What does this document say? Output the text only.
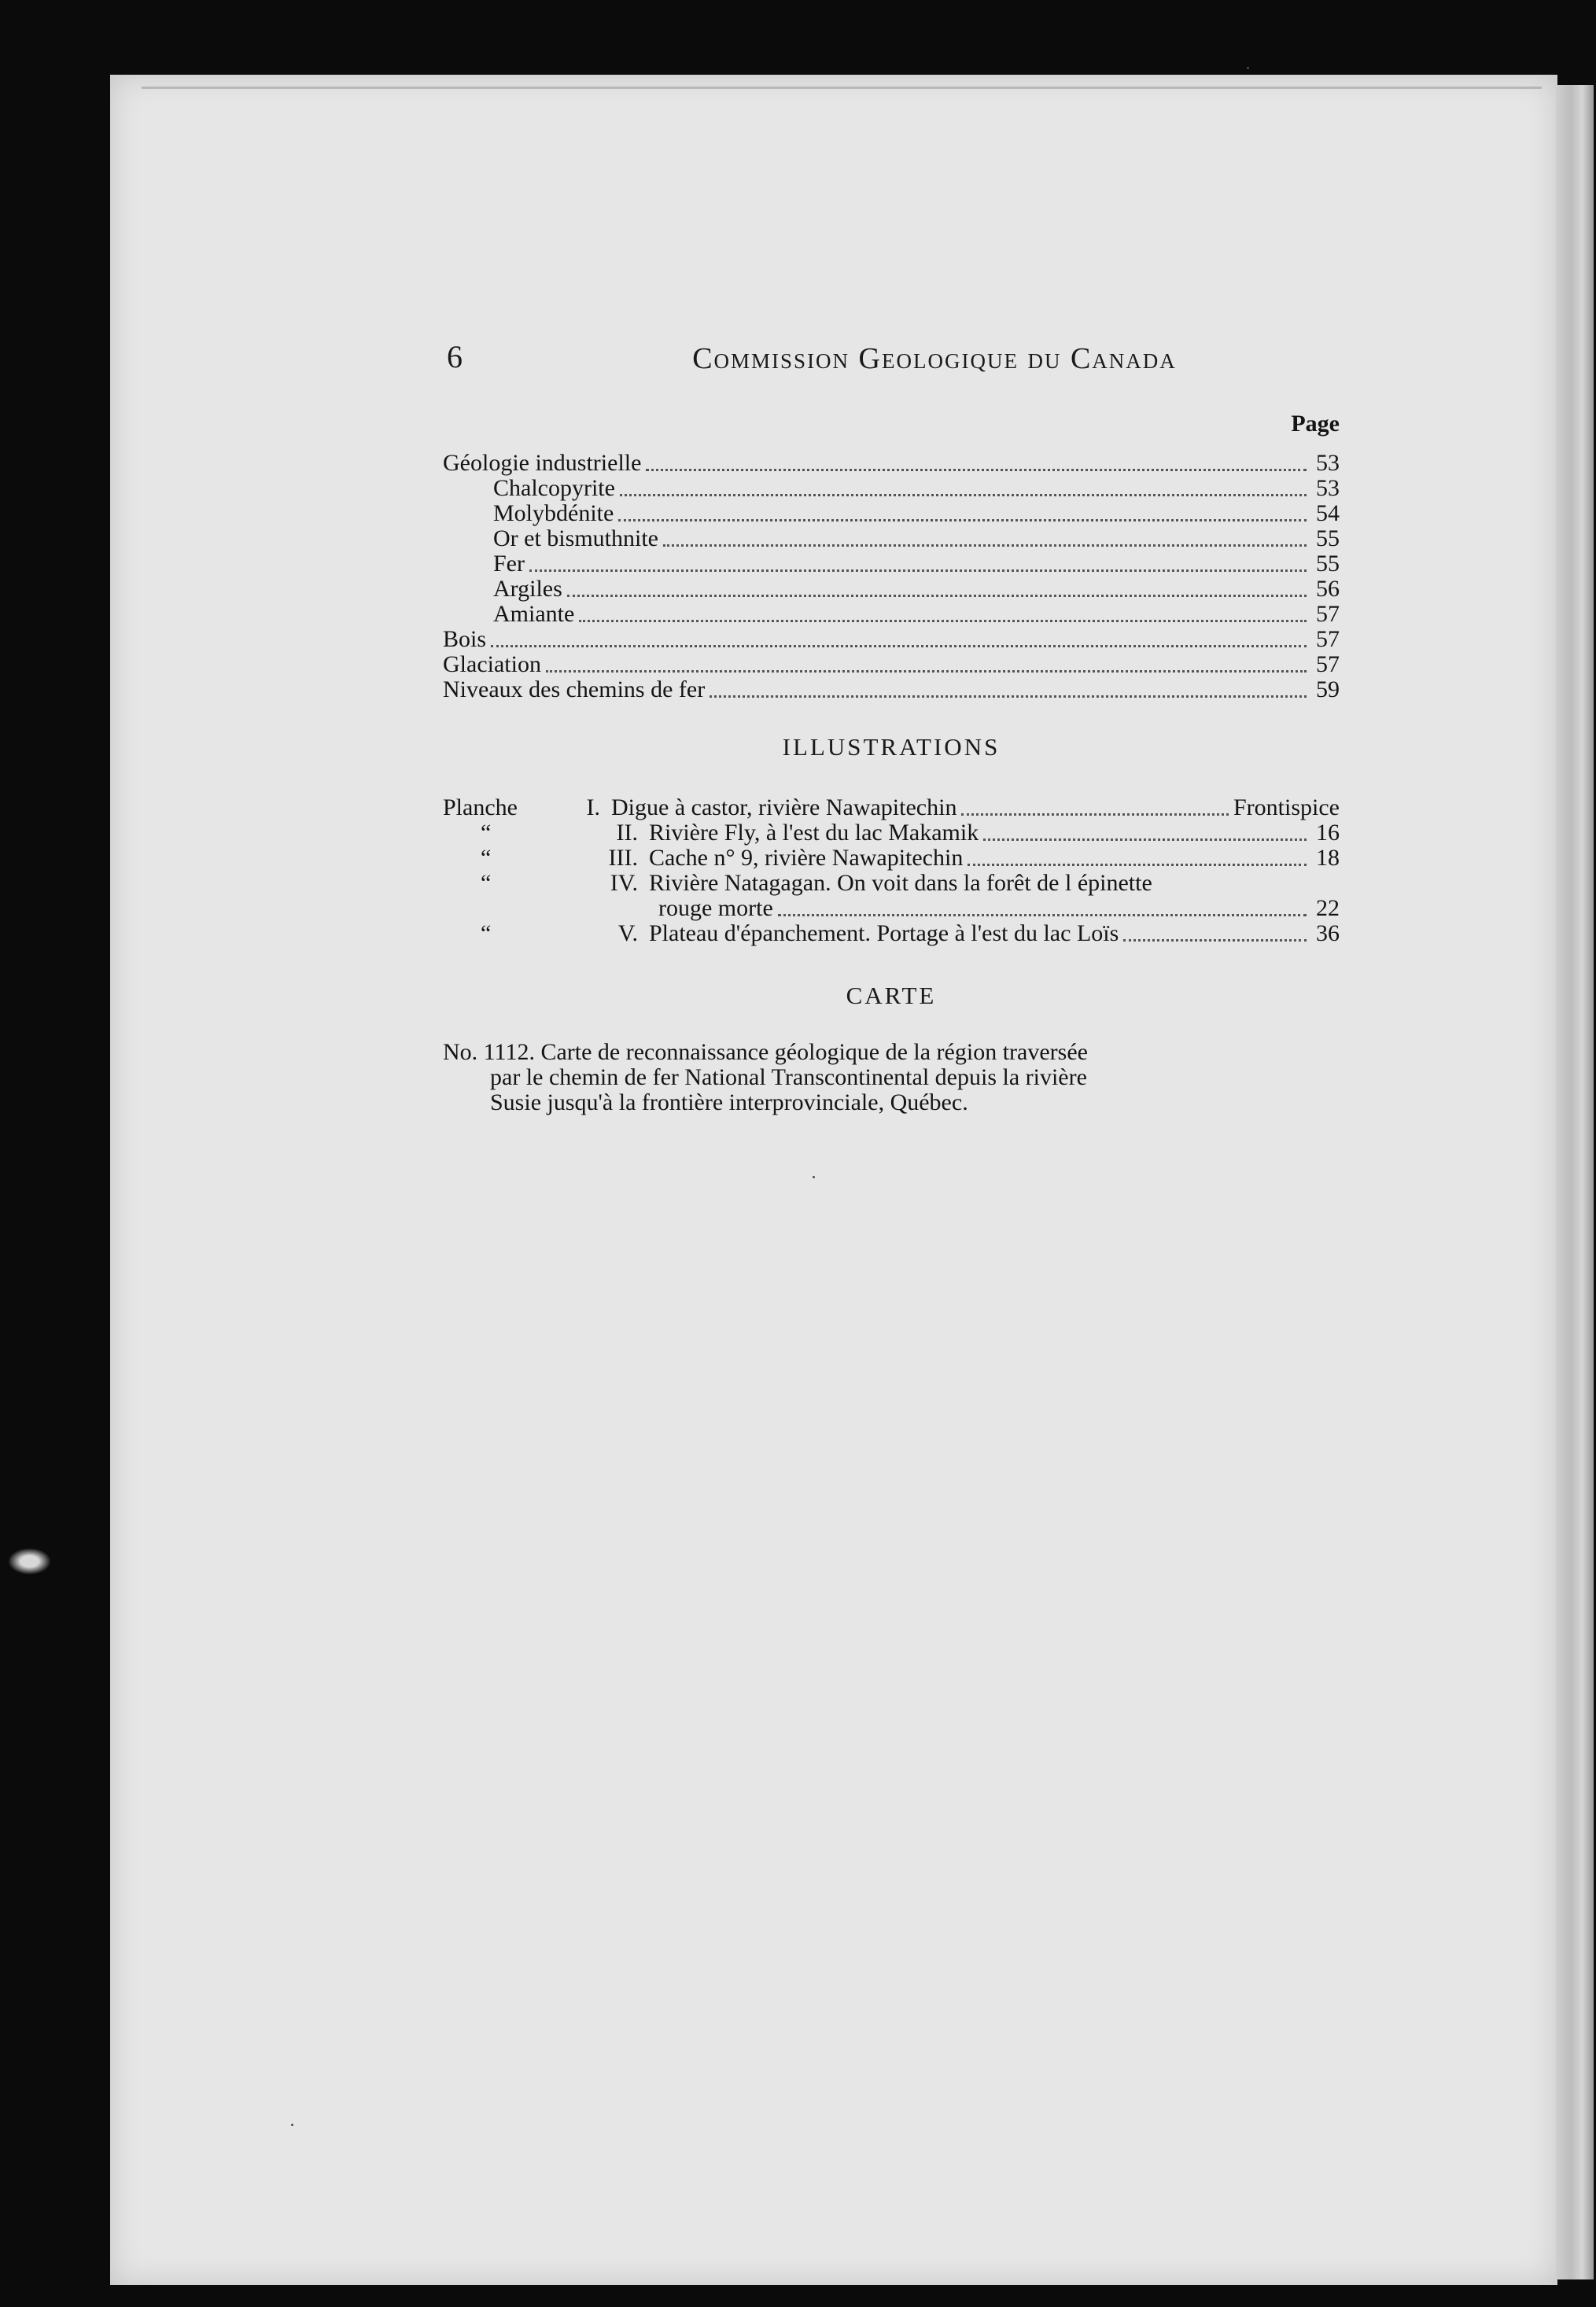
6	Commission Geologique du Canada
Page
Géologie industrielle	53
Chalcopyrite	53
Molybdénite	54
Or et bismuthnite	55
Fer	55
Argiles	56
Amiante	57
Bois	57
Glaciation	57
Niveaux des chemins de fer	59
ILLUSTRATIONS
Planche	I. Digue à castor, rivière Nawapitechin	Frontispice
“	II. Rivière Fly, à l'est du lac Makamik	16
“	III. Cache n° 9, rivière Nawapitechin	18
“	IV. Rivière Natagagan. On voit dans la forêt de l épinette
rouge morte	22
“	V. Plateau d'épanchement. Portage à l'est du lac Loïs	36
CARTE
No. 1112. Carte de reconnaissance géologique de la région traversée
par le chemin de fer National Transcontinental depuis la rivière
Susie jusqu'à la frontière interprovinciale, Québec.
